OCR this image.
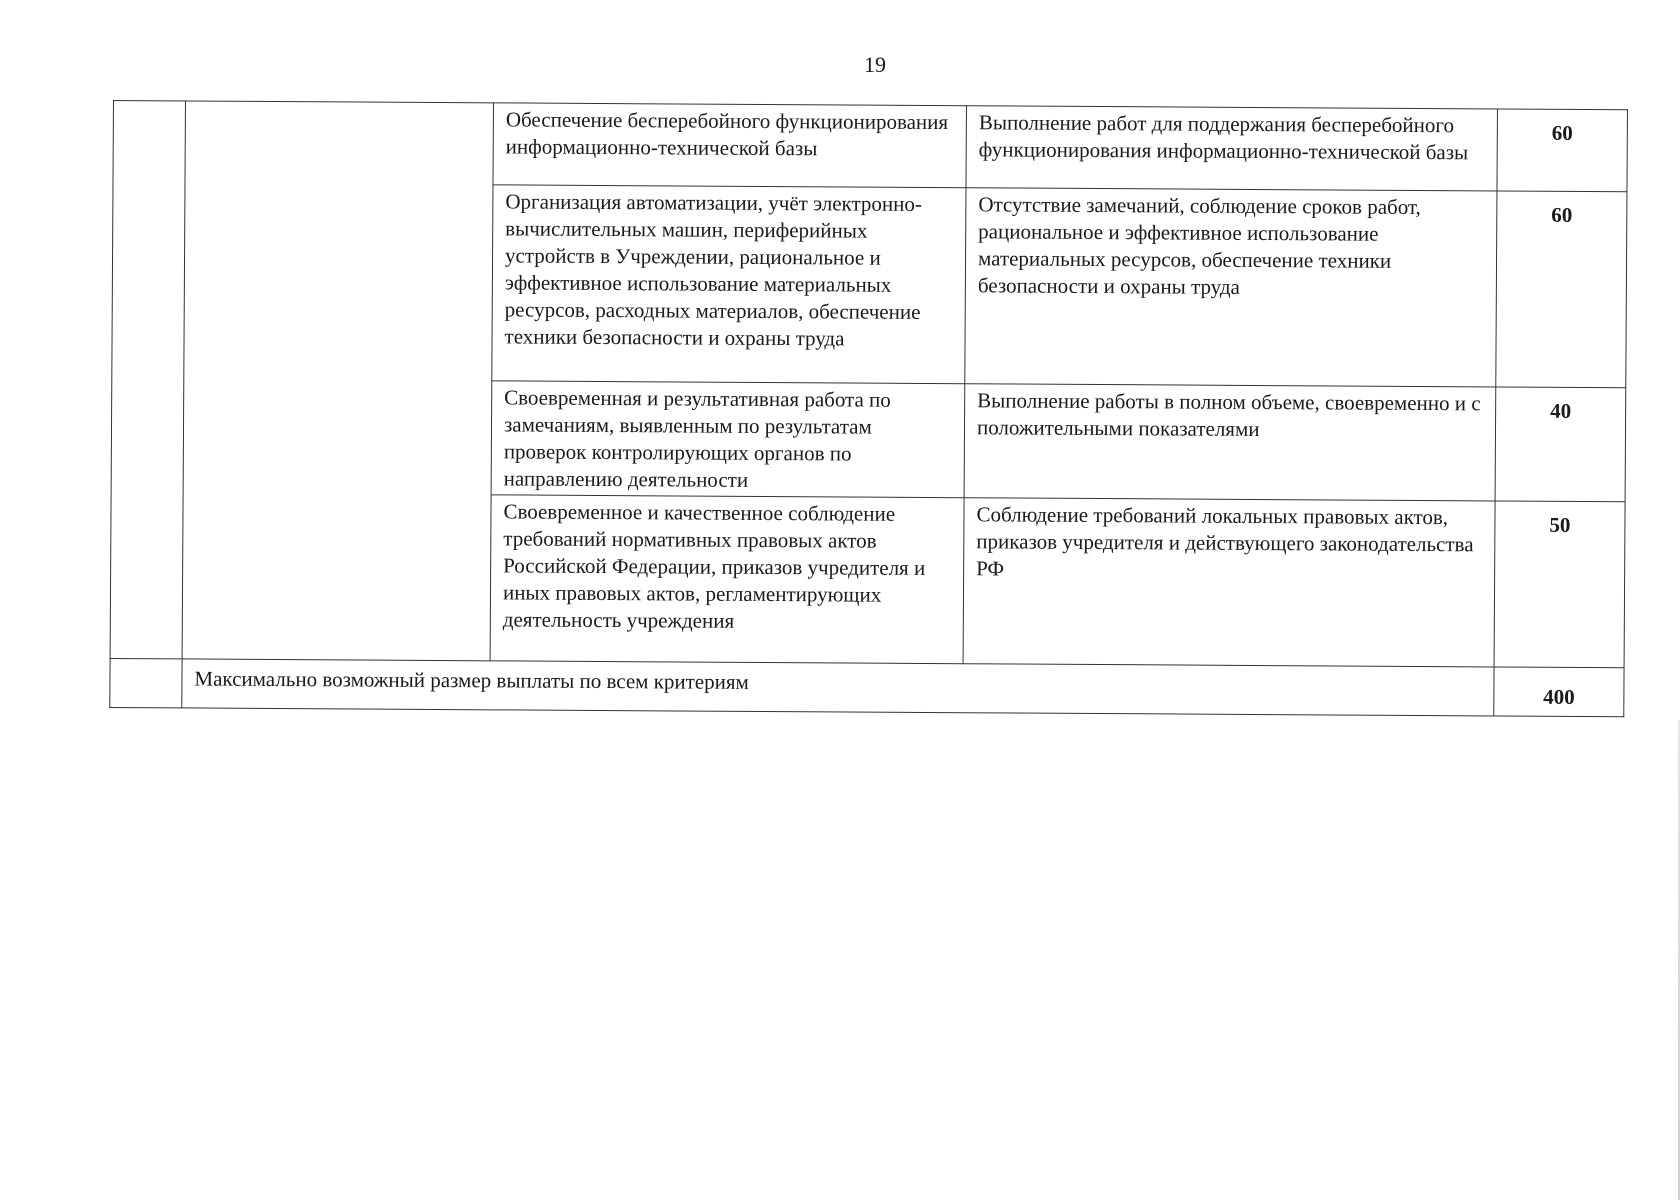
19
		Обеспечение бесперебойного функционирования информационно-технической базы	Выполнение работ для поддержания бесперебойного функционирования информационно-технической базы	60
		Организация автоматизации, учёт электронно-вычислительных машин, периферийных устройств в Учреждении, рациональное и эффективное использование материальных ресурсов, расходных материалов, обеспечение техники безопасности и охраны труда	Отсутствие замечаний, соблюдение сроков работ, рациональное и эффективное использование материальных ресурсов, обеспечение техники безопасности и охраны труда	60
		Своевременная и результативная работа по замечаниям, выявленным по результатам проверок контролирующих органов по направлению деятельности	Выполнение работы в полном объеме, своевременно и с положительными показателями	40
		Своевременное и качественное соблюдение требований нормативных правовых актов Российской Федерации, приказов учредителя и иных правовых актов, регламентирующих деятельность учреждения	Соблюдение требований локальных правовых актов, приказов учредителя и действующего законодательства РФ	50
	Максимально возможный размер выплаты по всем критериям			400
